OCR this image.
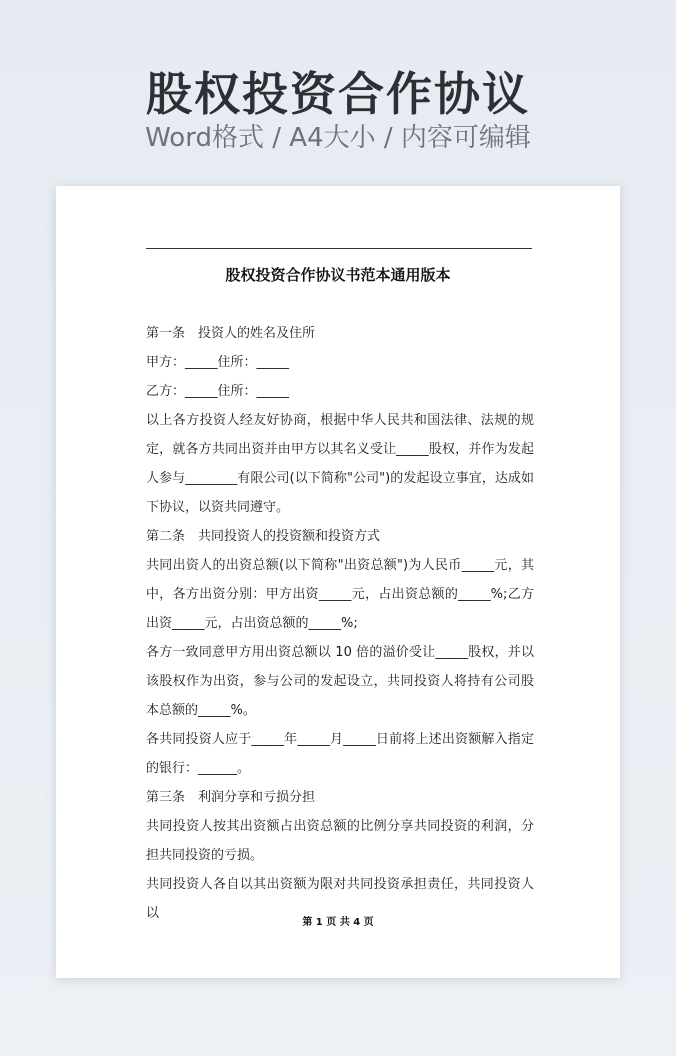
股权投资合作协议
Word格式 / A4大小 / 内容可编辑
股权投资合作协议书范本通用版本

第一条　投资人的姓名及住所

甲方：_____住所：_____

乙方：_____住所：_____

以上各方投资人经友好协商，根据中华人民共和国法律、法规的规定，就各方共同出资并由甲方以其名义受让_____股权，并作为发起人参与________有限公司(以下简称"公司")的发起设立事宜，达成如下协议，以资共同遵守。

第二条　共同投资人的投资额和投资方式

共同出资人的出资总额(以下简称"出资总额")为人民币_____元，其中，各方出资分别：甲方出资_____元，占出资总额的_____%;乙方出资_____元，占出资总额的_____%;

各方一致同意甲方用出资总额以 10 倍的溢价受让_____股权，并以该股权作为出资，参与公司的发起设立，共同投资人将持有公司股本总额的_____%。

各共同投资人应于_____年_____月_____日前将上述出资额解入指定的银行：______。

第三条　利润分享和亏损分担

共同投资人按其出资额占出资总额的比例分享共同投资的利润，分担共同投资的亏损。

共同投资人各自以其出资额为限对共同投资承担责任，共同投资人以

第 1 页 共 4 页
